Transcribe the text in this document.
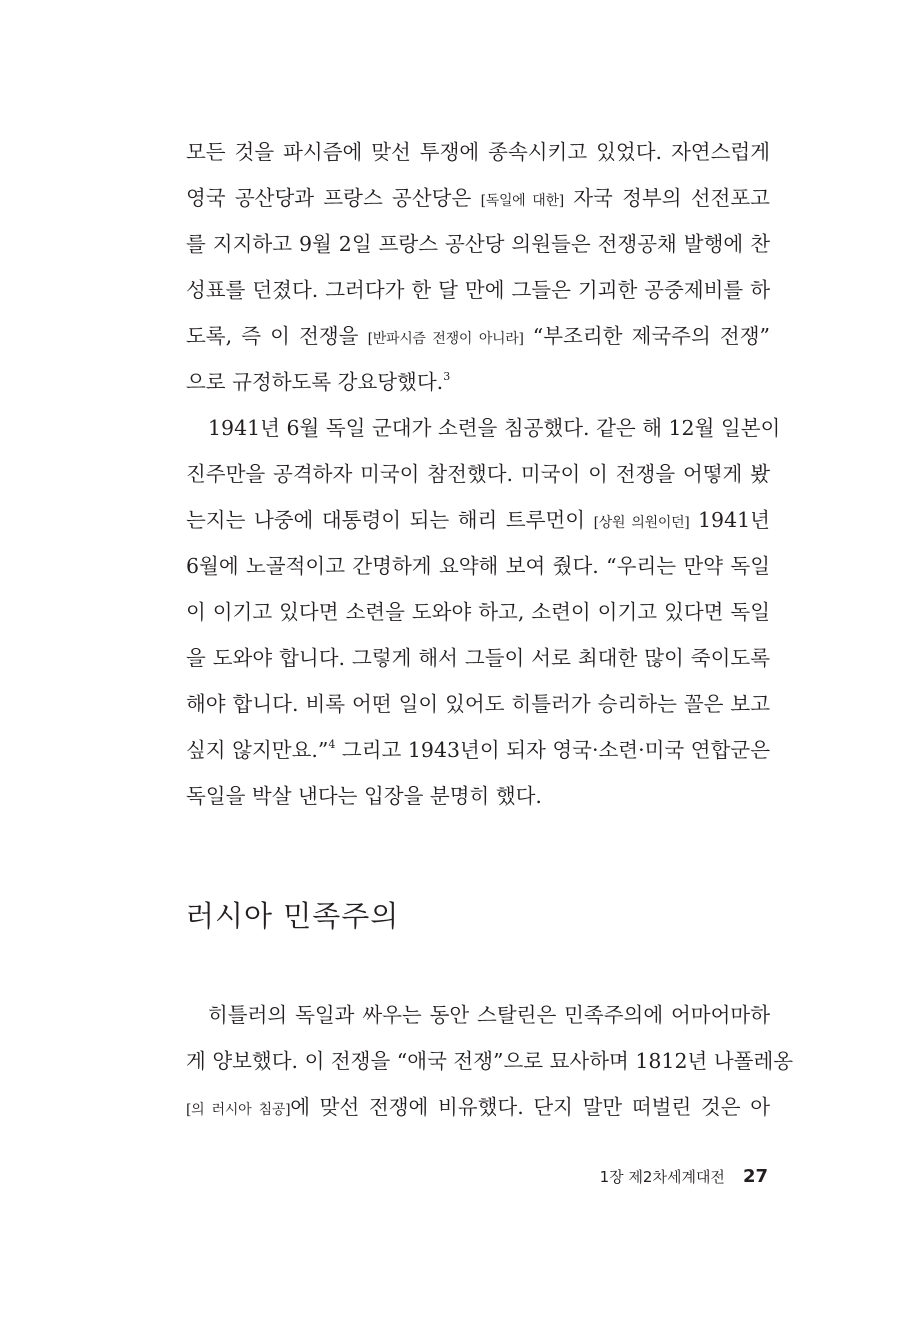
모든 것을 파시즘에 맞선 투쟁에 종속시키고 있었다. 자연스럽게
영국 공산당과 프랑스 공산당은 [독일에 대한] 자국 정부의 선전포고
를 지지하고 9월 2일 프랑스 공산당 의원들은 전쟁공채 발행에 찬
성표를 던졌다. 그러다가 한 달 만에 그들은 기괴한 공중제비를 하
도록, 즉 이 전쟁을 [반파시즘 전쟁이 아니라] “부조리한 제국주의 전쟁”
으로 규정하도록 강요당했다.$^3$
1941년 6월 독일 군대가 소련을 침공했다. 같은 해 12월 일본이
진주만을 공격하자 미국이 참전했다. 미국이 이 전쟁을 어떻게 봤
는지는 나중에 대통령이 되는 해리 트루먼이 [상원 의원이던] 1941년
6월에 노골적이고 간명하게 요약해 보여 줬다. “우리는 만약 독일
이 이기고 있다면 소련을 도와야 하고, 소련이 이기고 있다면 독일
을 도와야 합니다. 그렇게 해서 그들이 서로 최대한 많이 죽이도록
해야 합니다. 비록 어떤 일이 있어도 히틀러가 승리하는 꼴은 보고
싶지 않지만요.”$^4$ 그리고 1943년이 되자 영국·소련·미국 연합군은
독일을 박살 낸다는 입장을 분명히 했다.
러시아 민족주의
히틀러의 독일과 싸우는 동안 스탈린은 민족주의에 어마어마하
게 양보했다. 이 전쟁을 “애국 전쟁”으로 묘사하며 1812년 나폴레옹
[의 러시아 침공]에 맞선 전쟁에 비유했다. 단지 말만 떠벌린 것은 아
1장 제2차세계대전 27
